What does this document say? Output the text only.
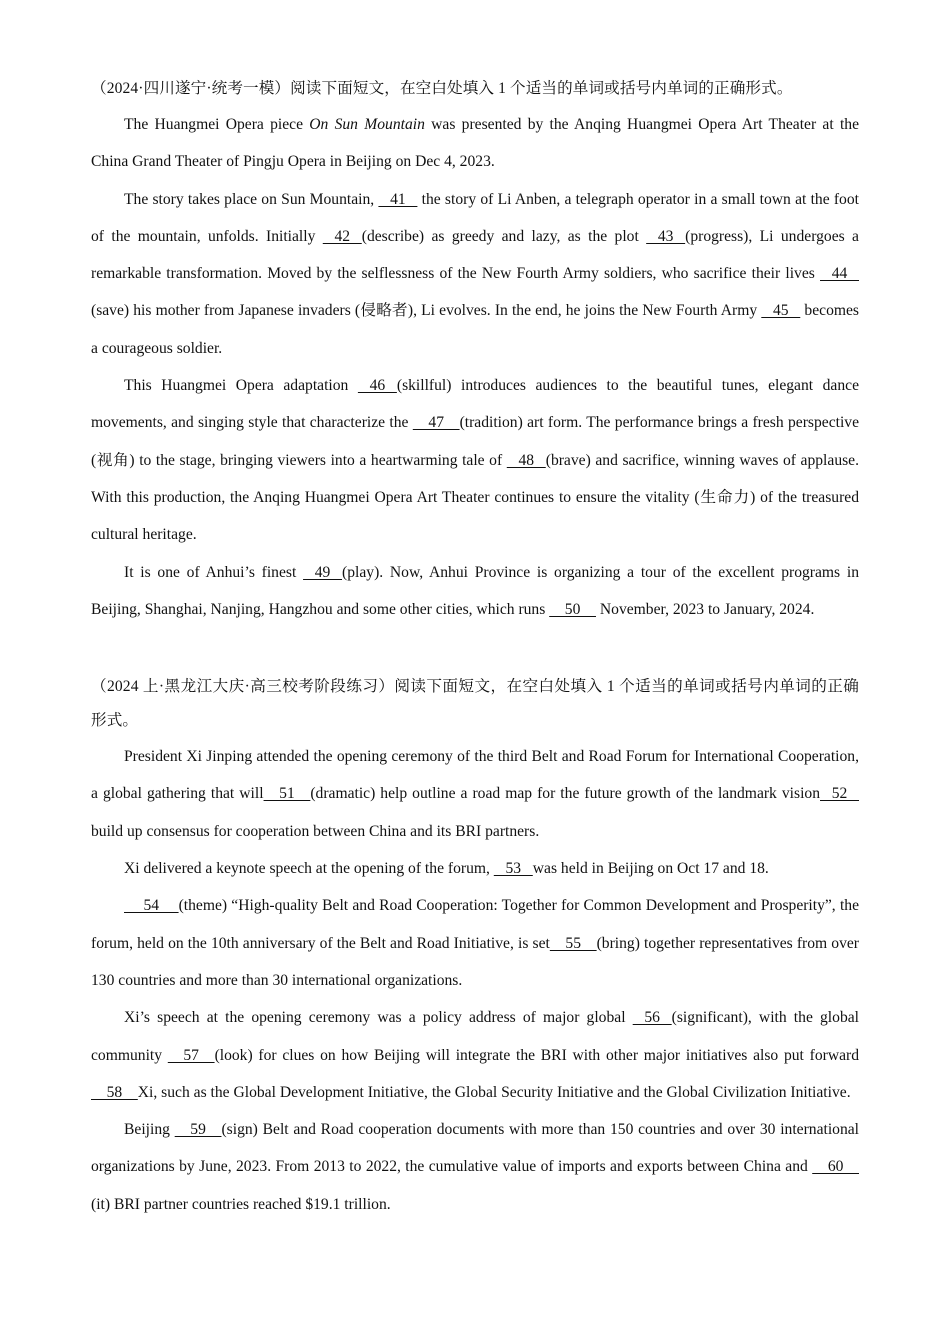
（2024·四川遂宁·统考一模）阅读下面短文，在空白处填入 1 个适当的单词或括号内单词的正确形式。

The Huangmei Opera piece On Sun Mountain was presented by the Anqing Huangmei Opera Art Theater at the China Grand Theater of Pingju Opera in Beijing on Dec 4, 2023.

The story takes place on Sun Mountain,    41    the story of Li Anben, a telegraph operator in a small town at the foot of the mountain, unfolds. Initially    42   (describe) as greedy and lazy, as the plot    43   (progress), Li undergoes a remarkable transformation. Moved by the selflessness of the New Fourth Army soldiers, who sacrifice their lives    44   (save) his mother from Japanese invaders (侵略者), Li evolves. In the end, he joins the New Fourth Army    45    becomes a courageous soldier.

This Huangmei Opera adaptation    46   (skillful) introduces audiences to the beautiful tunes, elegant dance movements, and singing style that characterize the     47    (tradition) art form. The performance brings a fresh perspective (视角) to the stage, bringing viewers into a heartwarming tale of    48   (brave) and sacrifice, winning waves of applause. With this production, the Anqing Huangmei Opera Art Theater continues to ensure the vitality (生命力) of the treasured cultural heritage.

It is one of Anhui’s finest    49   (play). Now, Anhui Province is organizing a tour of the excellent programs in Beijing, Shanghai, Nanjing, Hangzhou and some other cities, which runs     50     November, 2023 to January, 2024.

（2024 上·黑龙江大庆·高三校考阶段练习）阅读下面短文，在空白处填入 1 个适当的单词或括号内单词的正确形式。

President Xi Jinping attended the opening ceremony of the third Belt and Road Forum for International Cooperation, a global gathering that will    51    (dramatic) help outline a road map for the future growth of the landmark vision   52   build up consensus for cooperation between China and its BRI partners.

Xi delivered a keynote speech at the opening of the forum,    53   was held in Beijing on Oct 17 and 18.

54     (theme) “High-quality Belt and Road Cooperation: Together for Common Development and Prosperity”, the forum, held on the 10th anniversary of the Belt and Road Initiative, is set    55    (bring) together representatives from over 130 countries and more than 30 international organizations.

Xi’s speech at the opening ceremony was a policy address of major global    56   (significant), with the global community     57    (look) for clues on how Beijing will integrate the BRI with other major initiatives also put forward     58    Xi, such as the Global Development Initiative, the Global Security Initiative and the Global Civilization Initiative.

Beijing     59    (sign) Belt and Road cooperation documents with more than 150 countries and over 30 international organizations by June, 2023. From 2013 to 2022, the cumulative value of imports and exports between China and     60    (it) BRI partner countries reached $19.1 trillion.
